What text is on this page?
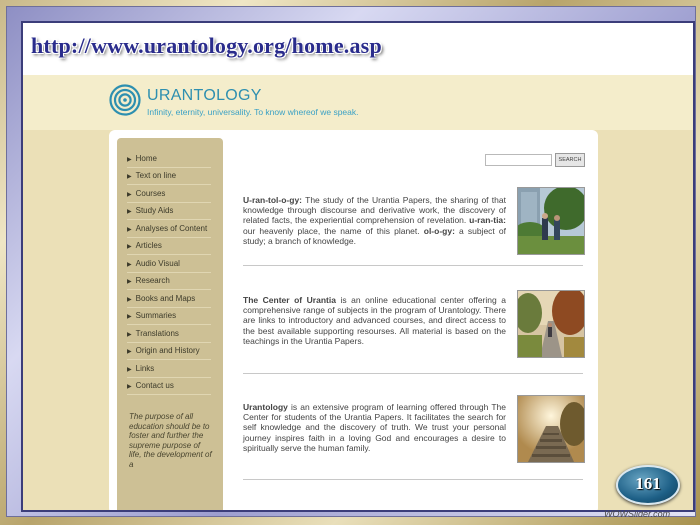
http://www.urantology.org/home.asp
URANTOLOGY
Infinity, eternity, universality. To know whereof we speak.
▶ Home
▶ Text on line
▶ Courses
▶ Study Aids
▶ Analyses of Content
▶ Articles
▶ Audio Visual
▶ Research
▶ Books and Maps
▶ Summaries
▶ Translations
▶ Origin and History
▶ Links
▶ Contact us
The purpose of all education should be to foster and further the supreme purpose of life, the development of a
SEARCH

U-ran-tol-o-gy: The study of the Urantia Papers, the sharing of that knowledge through discourse and derivative work, the discovery of related facts, the experiential comprehension of revelation. u-ran-tia: our heavenly place, the name of this planet. ol-o-gy: a subject of study; a branch of knowledge.

The Center of Urantia is an online educational center offering a comprehensive range of subjects in the program of Urantology. There are links to introductory and advanced courses, and direct access to the best available supporting resourses. All material is based on the teachings in the Urantia Papers.

Urantology is an extensive program of learning offered through The Center for students of the Urantia Papers. It facilitates the search for self knowledge and the discovery of truth. We trust your personal journey inspires faith in a loving God and encourages a desire to spiritually serve the human family.

161
WOWSlider.com
